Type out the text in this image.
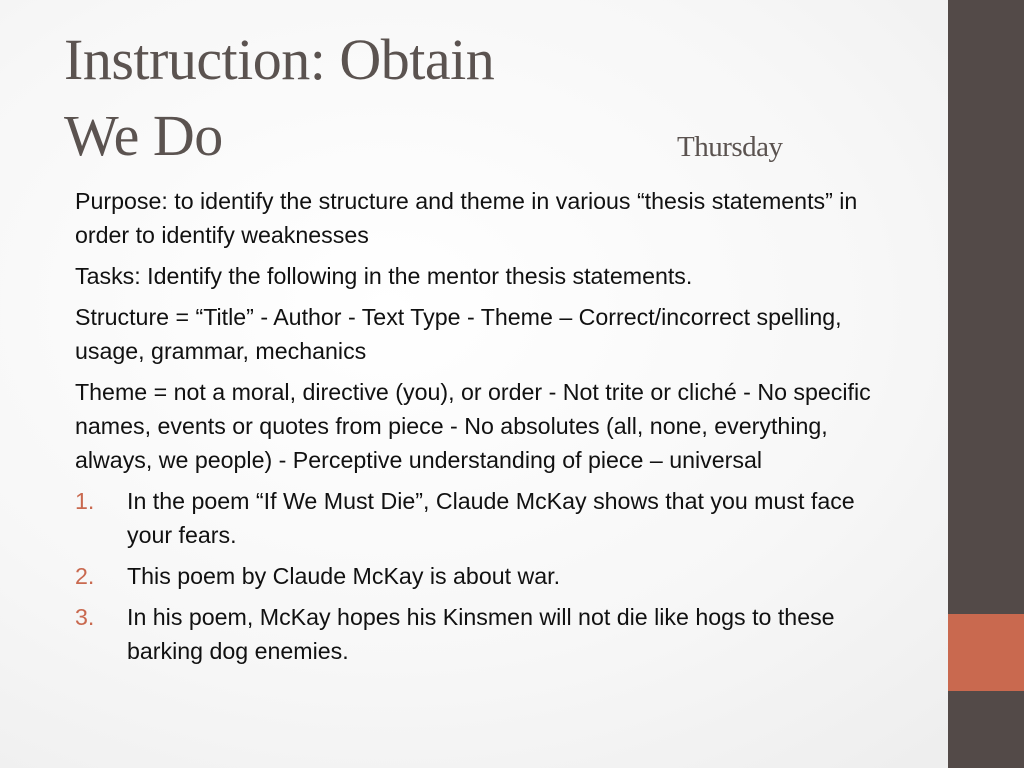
Instruction: Obtain
We Do	Thursday

Purpose: to identify the structure and theme in various “thesis statements” in order to identify weaknesses

Tasks: Identify the following in the mentor thesis statements.

Structure = “Title” - Author - Text Type - Theme – Correct/incorrect spelling, usage, grammar, mechanics

Theme = not a moral, directive (you), or order - Not trite or cliché - No specific names, events or quotes from piece - No absolutes (all, none, everything, always, we people) - Perceptive understanding of piece – universal

1. In the poem “If We Must Die”, Claude McKay shows that you must face your fears.
2. This poem by Claude McKay is about war.
3. In his poem, McKay hopes his Kinsmen will not die like hogs to these barking dog enemies.
